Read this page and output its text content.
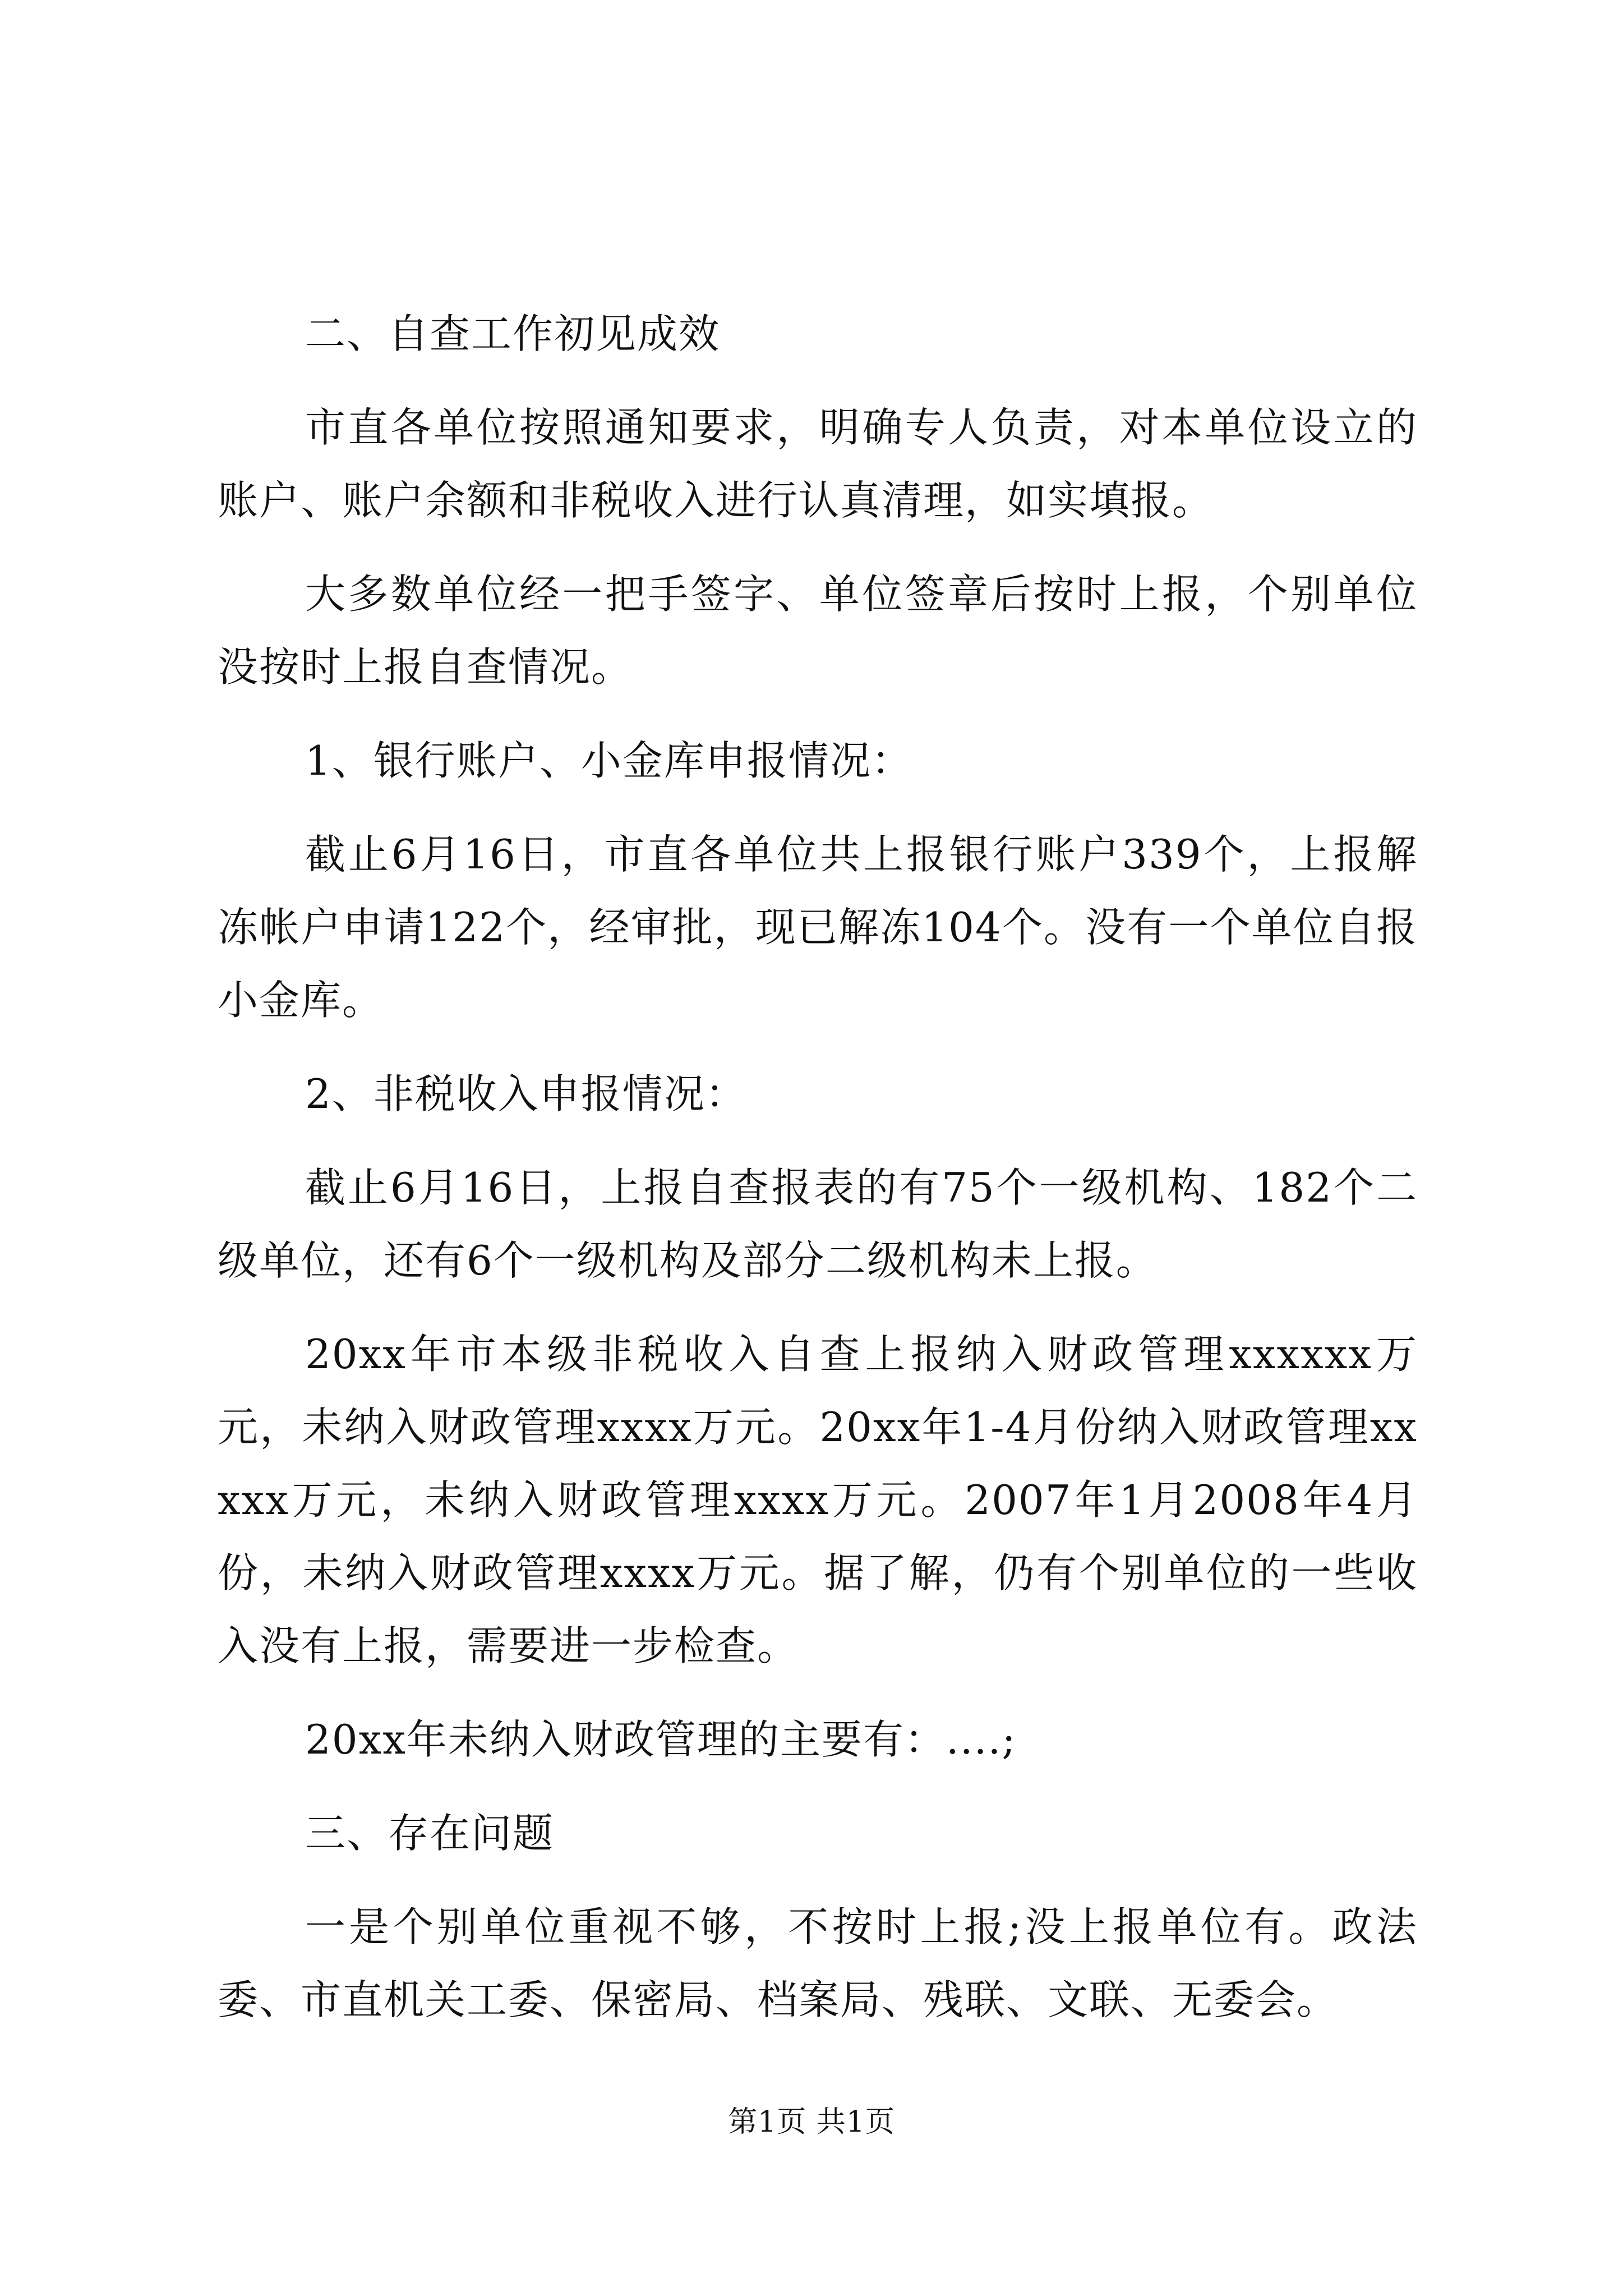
二、自查工作初见成效

市直各单位按照通知要求，明确专人负责，对本单位设立的账户、账户余额和非税收入进行认真清理，如实填报。

大多数单位经一把手签字、单位签章后按时上报，个别单位没按时上报自查情况。

1、银行账户、小金库申报情况：

截止6月16日，市直各单位共上报银行账户339个，上报解冻帐户申请122个，经审批，现已解冻104个。没有一个单位自报小金库。

2、非税收入申报情况：

截止6月16日，上报自查报表的有75个一级机构、182个二级单位，还有6个一级机构及部分二级机构未上报。

20xx年市本级非税收入自查上报纳入财政管理xxxxxx万元，未纳入财政管理xxxx万元。20xx年1-4月份纳入财政管理xxxxx万元，未纳入财政管理xxxx万元。2007年1月2008年4月份，未纳入财政管理xxxx万元。据了解，仍有个别单位的一些收入没有上报，需要进一步检查。

20xx年未纳入财政管理的主要有：....;

三、存在问题

一是个别单位重视不够，不按时上报;没上报单位有。政法委、市直机关工委、保密局、档案局、残联、文联、无委会。

第1页 共1页
